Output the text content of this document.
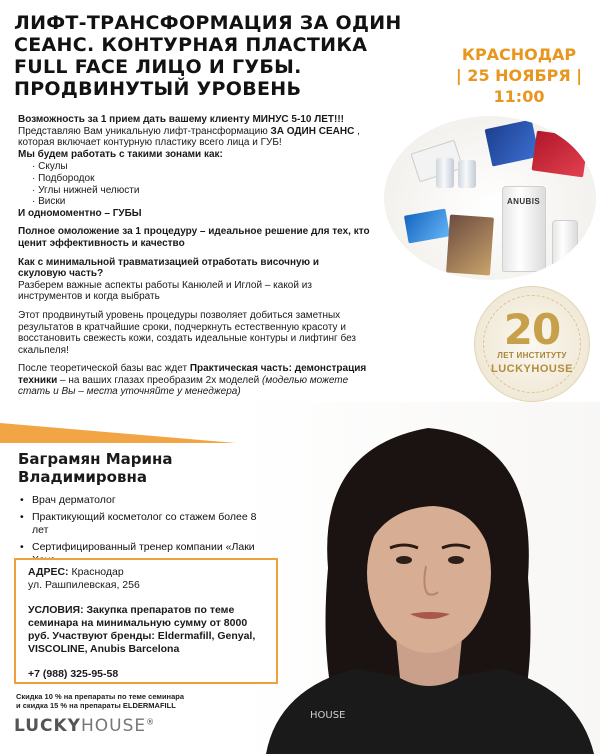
ЛИФТ-ТРАНСФОРМАЦИЯ ЗА ОДИН
СЕАНС. КОНТУРНАЯ ПЛАСТИКА
FULL FACE ЛИЦО И ГУБЫ.
ПРОДВИНУТЫЙ УРОВЕНЬ
КРАСНОДАР
| 25 НОЯБРЯ |
11:00

Возможность за 1 прием дать вашему клиенту МИНУС 5-10 ЛЕТ!!!

Представляю Вам уникальную лифт-трансформацию ЗА ОДИН СЕАНС , которая включает контурную пластику всего лица и ГУБ!

Мы будем работать с такими зонами как:

· Скулы
· Подбородок
· Углы нижней челюсти
· Виски

И одномоментно – ГУБЫ

Полное омоложение за 1 процедуру – идеальное решение для тех, кто ценит эффективность и качество

Как с минимальной травматизацией отработать височную и скуловую часть?

Разберем важные аспекты работы Канюлей и Иглой – какой из инструментов и когда выбрать

Этот продвинутый уровень процедуры позволяет добиться заметных результатов в кратчайшие сроки, подчеркнуть естественную красоту и восстановить свежесть кожи, создать идеальные контуры и лифтинг без скальпеля!

После теоретической базы вас ждет Практическая часть: демонстрация техники – на ваших глазах преобразим 2х моделей (моделью можете стать и Вы – места уточняйте у менеджера)

ANUBIS
20
ЛЕТ ИНСТИТУТУ
LUCKYHOUSE
HOUSE
Баграмян Марина
Владимировна
• Врач дерматолог
• Практикующий косметолог со стажем более 8 лет
• Сертифицированный тренер компании «Лаки

АДРЕС: Краснодар

ул. Рашпилевская, 256

УСЛОВИЯ: Закупка препаратов по теме семинара на минимальную сумму от 8000 руб. Участвуют бренды: Eldermafill, Genyal, VISCOLINE, Anubis Barcelona

+7 (988) 325-95-58

Скидка 10 % на препараты по теме семинара
и скидка 15 % на препараты ELDERMAFILL
LUCKYHOUSE®
